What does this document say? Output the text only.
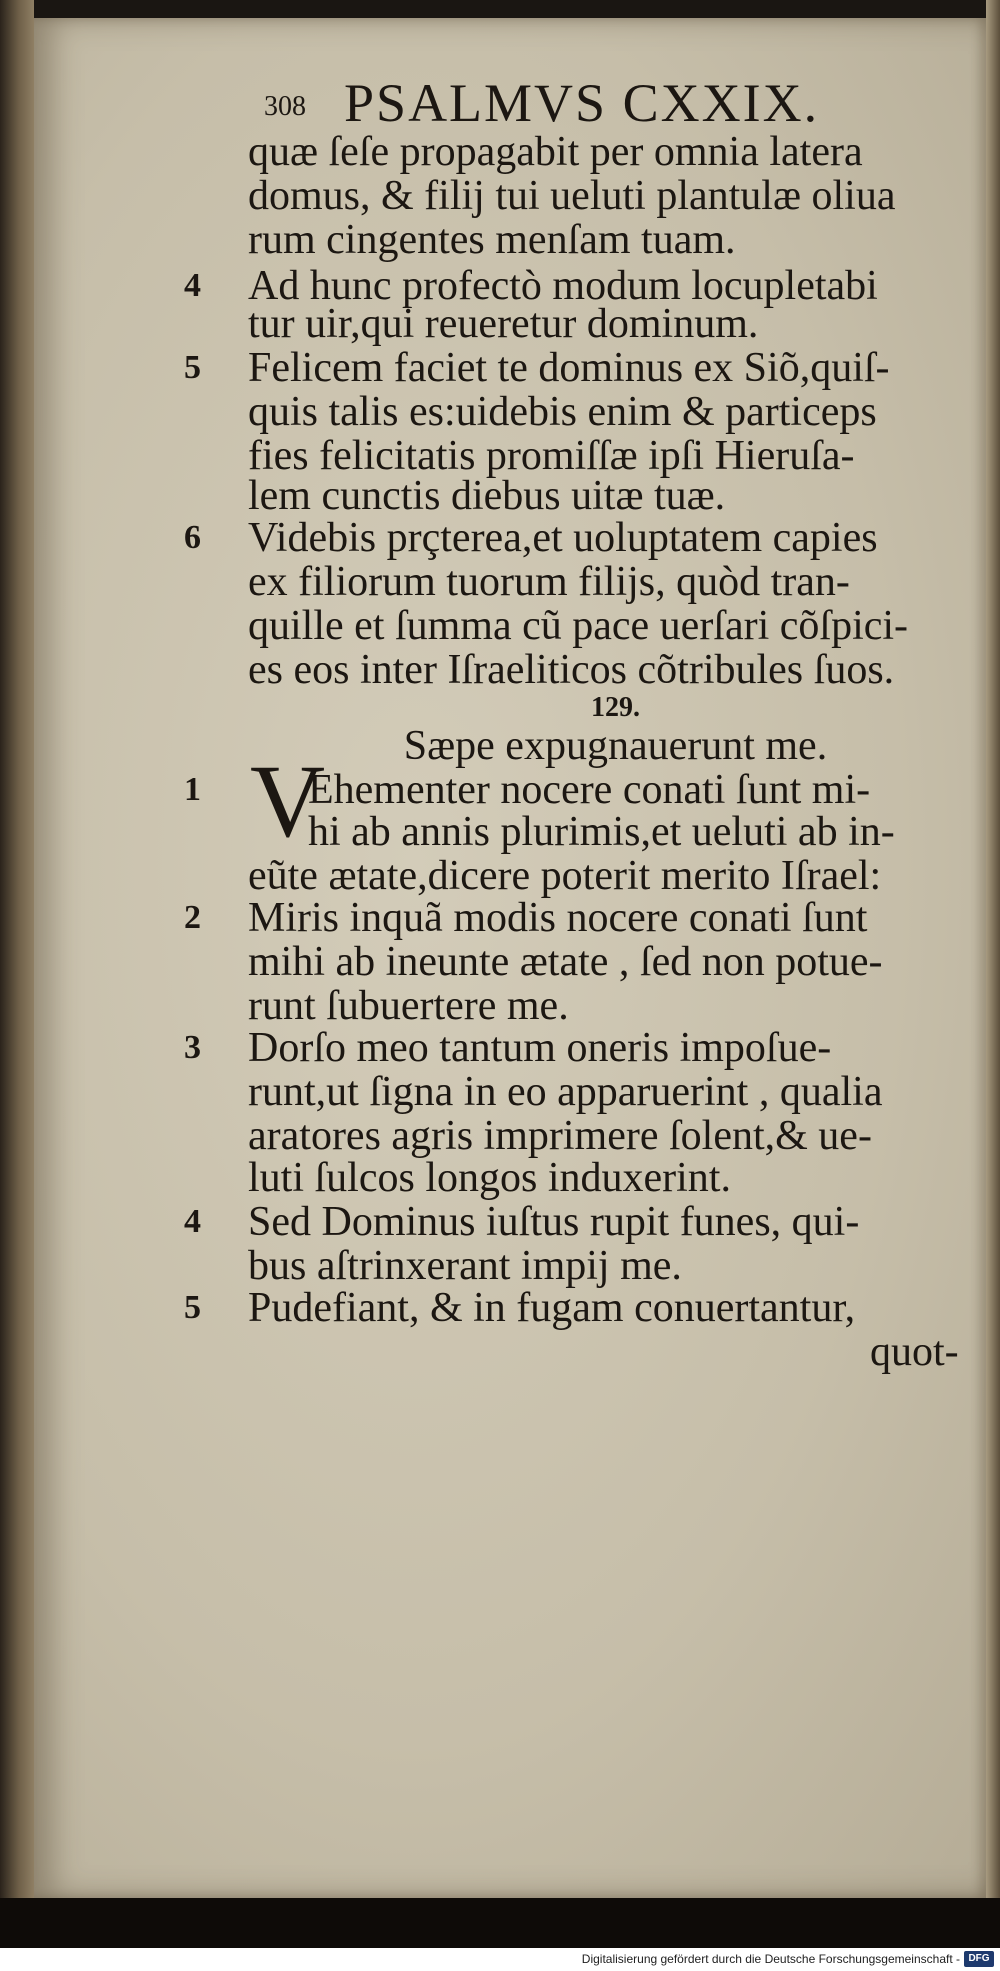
308 PSALMVS CXXIX.
quæ ſeſe propagabit per omnia latera
domus, & filij tui ueluti plantulæ oliua
rum cingentes menſam tuam.
4 Ad hunc profectò modum locupletabi
tur uir,qui reueretur dominum.
5 Felicem faciet te dominus ex Siõ,quiſ-
quis talis es:uidebis enim & particeps
fies felicitatis promiſſæ ipſi Hieruſa-
lem cunctis diebus uitæ tuæ.
6 Videbis prçterea,et uoluptatem capies
ex filiorum tuorum filijs, quòd tran-
quille et ſumma cũ pace uerſari cõſpici-
es eos inter Iſraeliticos cõtribules ſuos.
129.
Sæpe expugnauerunt me.
1 V
Ehementer nocere conati ſunt mi-
hi ab annis plurimis,et ueluti ab in-
eũte ætate,dicere poterit merito Iſrael:
2 Miris inquã modis nocere conati ſunt
mihi ab ineunte ætate , ſed non potue-
runt ſubuertere me.
3 Dorſo meo tantum oneris impoſue-
runt,ut ſigna in eo apparuerint , qualia
aratores agris imprimere ſolent,& ue-
luti ſulcos longos induxerint.
4 Sed Dominus iuſtus rupit funes, qui-
bus aſtrinxerant impij me.
5 Pudefiant, & in fugam conuertantur,
quot-
Digitalisierung gefördert durch die Deutsche Forschungsgemeinschaft - DFG
